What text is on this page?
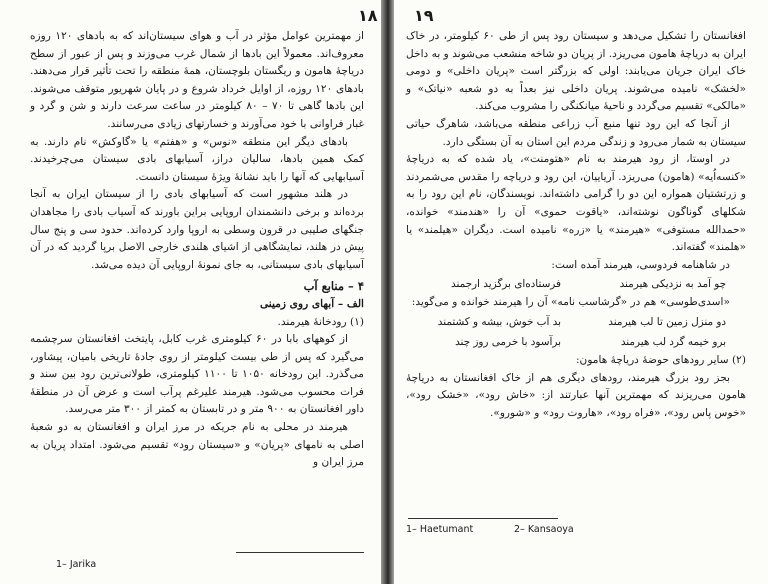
۱۸

از مهمترین عوامل مؤثر در آب و هوای سیستان‌اند که به بادهای ۱۲۰ روزه معروف‌اند. معمولاً این بادها از شمال غرب می‌وزند و پس از عبور از سطح دریاچهٔ هامون و ریگستان بلوچستان، همهٔ منطقه را تحت تأثیر قرار می‌دهند. بادهای ۱۲۰ روزه، از اوایل خرداد شروع و در پایان شهریور متوقف می‌شوند. این بادها گاهی تا ۷۰ – ۸۰ کیلومتر در ساعت سرعت دارند و شن و گرد و غبار فراوانی با خود می‌آورند و خسارتهای زیادی می‌رسانند.

بادهای دیگر این منطقه «نوس» و «هفتم» یا «گاوکش» نام دارند. به کمک همین بادها، سالیان دراز، آسیابهای بادی سیستان می‌چرخیدند. آسیابهایی که آنها را باید نشانهٔ ویژهٔ سیستان دانست.

در هلند مشهور است که آسیابهای بادی را از سیستان ایران به آنجا برده‌اند و برخی دانشمندان اروپایی براین باورند که آسیاب بادی را مجاهدان جنگهای صلیبی در قرون وسطی به اروپا وارد کرده‌اند. حدود سی و پنج سال پیش در هلند، نمایشگاهی از اشیای هلندی خارجی الاصل برپا گردید که در آن آسیابهای بادی سیستانی، به جای نمونهٔ اروپایی آن دیده می‌شد.

۴ – منابع آب

الف – آبهای روی زمینی

(۱) رودخانهٔ هیرمند.

از کوههای بابا در ۶۰ کیلومتری غرب کابل، پایتخت افغانستان سرچشمه می‌گیرد که پس از طی بیست کیلومتر از روی جادهٔ تاریخی بامیان، پیشاور، می‌گذرد. این رودخانه ۱۰۵۰ تا ۱۱۰۰ کیلومتری، طولانی‌ترین رود بین سند و فرات محسوب می‌شود. هیرمند علیرغم پرآب است و عرض آن در منطقهٔ داور افغانستان به ۹۰۰ متر و در تابستان به کمتر از ۳۰۰ متر می‌رسد.

هیرمند در محلی به نام جریکه در مرز ایران و افغانستان به دو شعبهٔ اصلی به نامهای «پریان» و «سیستان رود» تقسیم می‌شود. امتداد پریان به مرز ایران و

1– Jarika
۱۹

افغانستان را تشکیل می‌دهد و سیستان رود پس از طی ۶۰ کیلومتر، در خاک ایران به دریاچهٔ هامون می‌ریزد. از پریان دو شاخه منشعب می‌شوند و به داخل خاک ایران جریان می‌یابند: اولی که بزرگتر است «پریان داخلی» و دومی «لخشک» نامیده می‌شوند. پریان داخلی نیز بعداً به دو شعبه «نیاتک» و «مالکی» تقسیم می‌گردد و ناحیهٔ میانکنگی را مشروب می‌کند.

از آنجا که این رود تنها منبع آب زراعی منطقه می‌باشد، شاهرگ حیاتی سیستان به شمار می‌رود و زندگی مردم این استان به آن بستگی دارد.

در اوستا، از رود هیرمند به نام «هتومنت»، یاد شده که به دریاچهٔ «کنسه‌اُیه» (هامون) می‌ریزد. آریاییان، این رود و دریاچه را مقدس می‌شمردند و زرتشتیان همواره این دو را گرامی داشته‌اند. نویسندگان، نام این رود را به شکلهای گوناگون نوشته‌اند، «یاقوت حموی» آن را «هندمند» خوانده، «حمدالله مستوفی» «هیرمند» یا «زره» نامیده است. دیگران «هیلمند» یا «هلمند» گفته‌اند.

در شاهنامه فردوسی، هیرمند آمده است:

چو آمد به نزدیکی هیرمند
فرستاده‌ای برگزید ارجمند

«اسدی‌طوسی» هم در «گرشاسب نامه» آن را هیرمند خوانده و می‌گوید:

دو منزل زمین تا لب هیرمند
بد آب خوش، بیشه و کشتمند
برو خیمه گرد لب هیرمند
برآسود با خرمی روز چند

(۲) سایر رودهای حوضهٔ دریاچهٔ هامون:

بجز رود بزرگ هیرمند، رودهای دیگری هم از خاک افغانستان به دریاچهٔ هامون می‌ریزند که مهمترین آنها عبارتند از: «خاش رود»، «خشک رود»، «خوس پاس رود»، «فراه رود»، «هاروت رود» و «شورو».

1– Haetumant	2– Kansaoya
